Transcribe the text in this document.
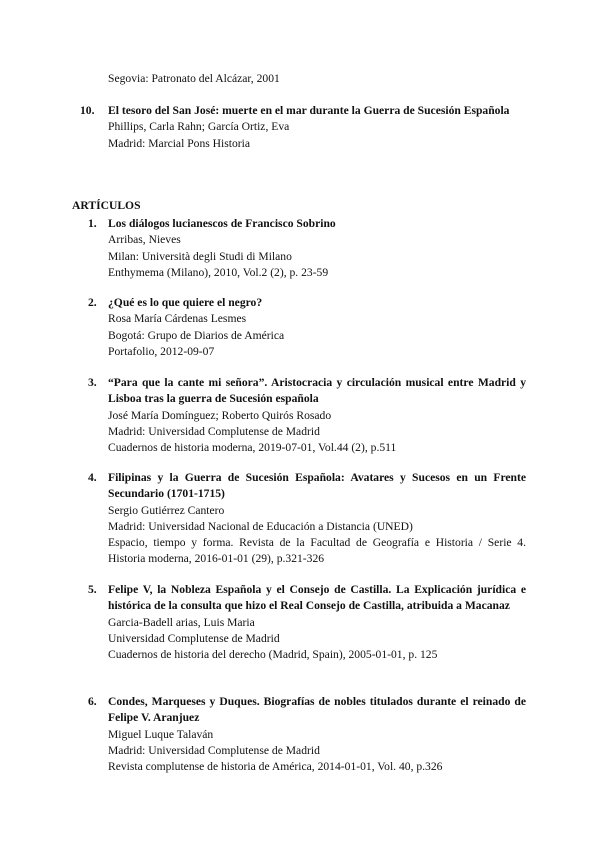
Segovia: Patronato del Alcázar, 2001
10.	El tesoro del San José: muerte en el mar durante la Guerra de Sucesión Española
Phillips, Carla Rahn; García Ortiz, Eva
Madrid: Marcial Pons Historia
ARTÍCULOS
1. Los diálogos lucianescos de Francisco Sobrino
Arribas, Nieves
Milan: Università degli Studi di Milano
Enthymema (Milano), 2010, Vol.2 (2), p. 23-59
2. ¿Qué es lo que quiere el negro?
Rosa María Cárdenas Lesmes
Bogotá: Grupo de Diarios de América
Portafolio, 2012-09-07
3. “Para que la cante mi señora”. Aristocracia y circulación musical entre Madrid y Lisboa tras la guerra de Sucesión española
José María Domínguez; Roberto Quirós Rosado
Madrid: Universidad Complutense de Madrid
Cuadernos de historia moderna, 2019-07-01, Vol.44 (2), p.511
4. Filipinas y la Guerra de Sucesión Española: Avatares y Sucesos en un Frente Secundario (1701-1715)
Sergio Gutiérrez Cantero
Madrid: Universidad Nacional de Educación a Distancia (UNED)
Espacio, tiempo y forma. Revista de la Facultad de Geografía e Historia / Serie 4. Historia moderna, 2016-01-01 (29), p.321-326
5. Felipe V, la Nobleza Española y el Consejo de Castilla. La Explicación jurídica e histórica de la consulta que hizo el Real Consejo de Castilla, atribuida a Macanaz
Garcia-Badell arias, Luis Maria
Universidad Complutense de Madrid
Cuadernos de historia del derecho (Madrid, Spain), 2005-01-01, p. 125
6. Condes, Marqueses y Duques. Biografías de nobles titulados durante el reinado de Felipe V. Aranjuez
Miguel Luque Talaván
Madrid: Universidad Complutense de Madrid
Revista complutense de historia de América, 2014-01-01, Vol. 40, p.326
